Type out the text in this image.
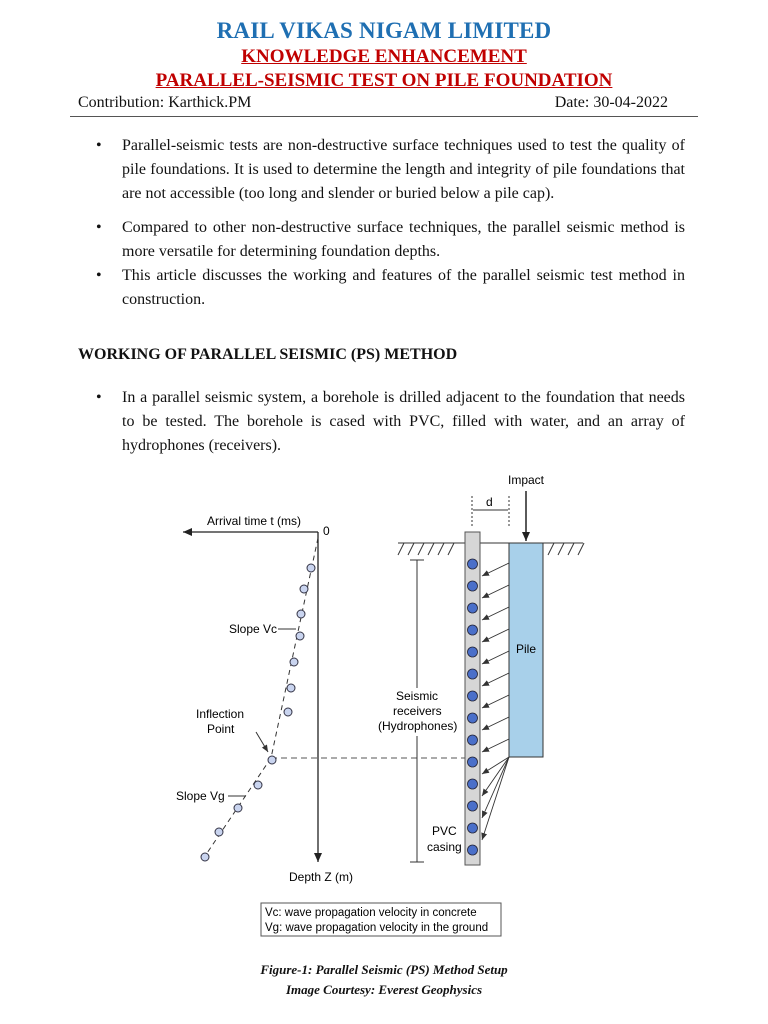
RAIL VIKAS NIGAM LIMITED
KNOWLEDGE ENHANCEMENT
PARALLEL-SEISMIC TEST ON PILE FOUNDATION
Contribution: Karthick.PM	Date: 30-04-2022
• Parallel-seismic tests are non-destructive surface techniques used to test the quality of pile foundations. It is used to determine the length and integrity of pile foundations that are not accessible (too long and slender or buried below a pile cap).
• Compared to other non-destructive surface techniques, the parallel seismic method is more versatile for determining foundation depths.
• This article discusses the working and features of the parallel seismic test method in construction.
WORKING OF PARALLEL SEISMIC (PS) METHOD
• In a parallel seismic system, a borehole is drilled adjacent to the foundation that needs to be tested. The borehole is cased with PVC, filled with water, and an array of hydrophones (receivers).
Arrival time t (ms)
0
Depth Z (m)
Slope Vc
Inflection
Point
Slope Vg
Pile
Impact
d
Seismic
receivers
(Hydrophones)
PVC
casing
Vc: wave propagation velocity in concrete
Vg: wave propagation velocity in the ground
Figure-1: Parallel Seismic (PS) Method Setup
Image Courtesy: Everest Geophysics
